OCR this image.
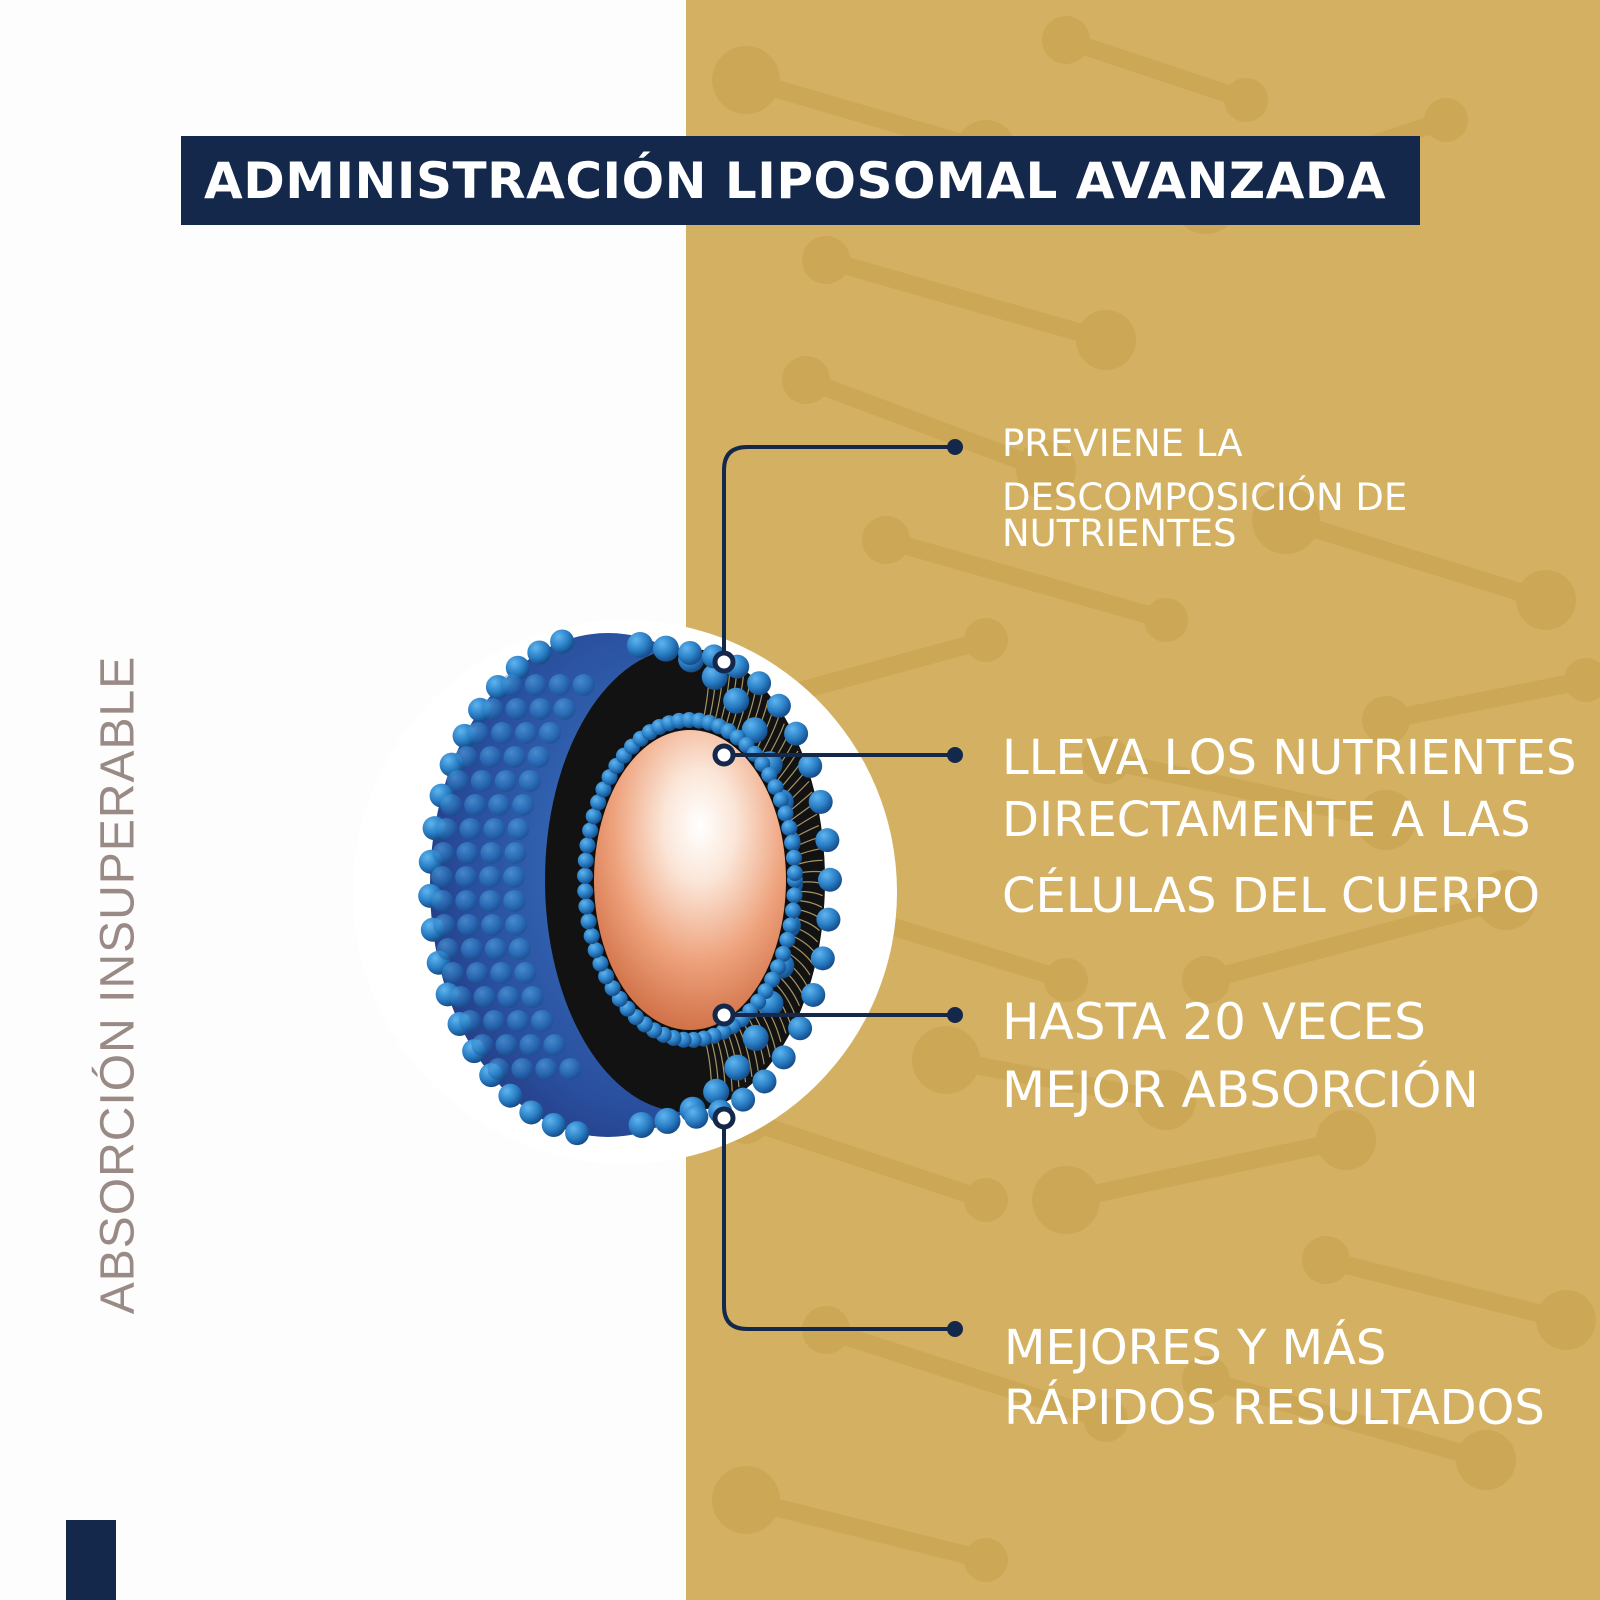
ADMINISTRACIÓN LIPOSOMAL AVANZADA
ABSORCIÓN INSUPERABLE
PREVIENE LA
DESCOMPOSICIÓN DE
NUTRIENTES
LLEVA LOS NUTRIENTES
DIRECTAMENTE A LAS
CÉLULAS DEL CUERPO
HASTA 20 VECES
MEJOR ABSORCIÓN
MEJORES Y MÁS
RÁPIDOS RESULTADOS
